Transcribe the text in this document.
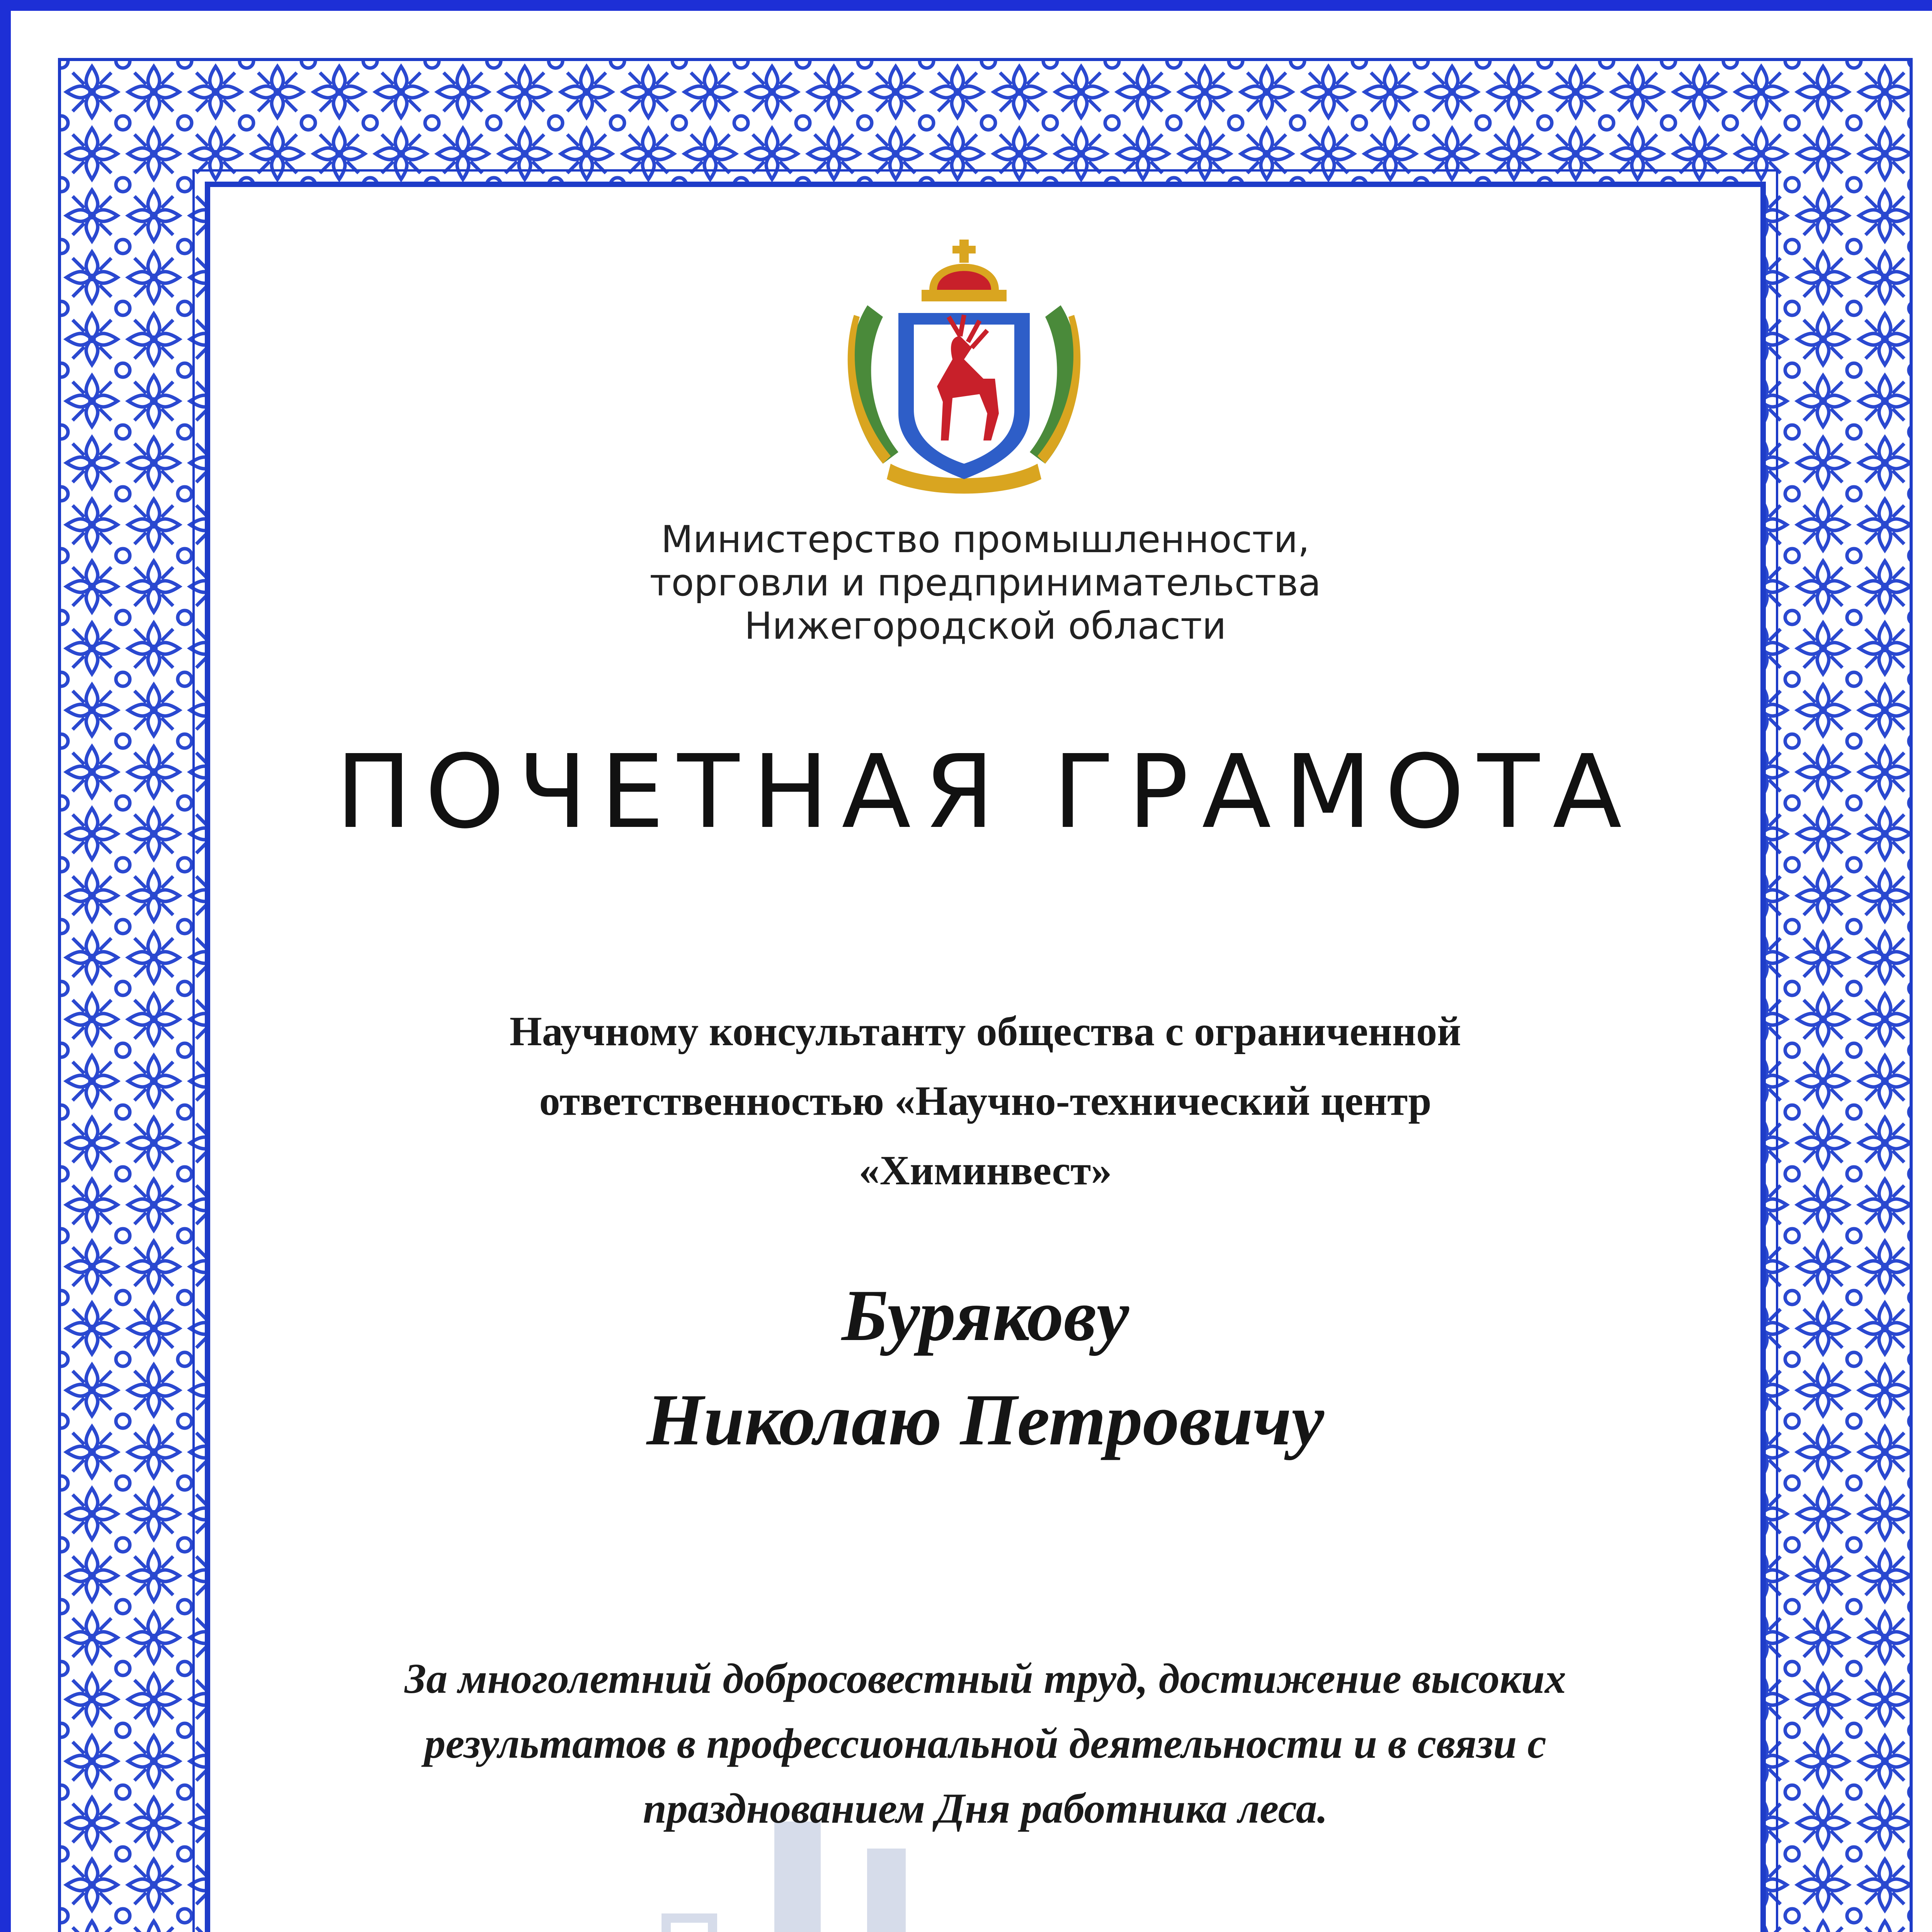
Министерство промышленности,
торговли и предпринимательства
Нижегородской области
ПОЧЕТНАЯ ГРАМОТА
Научному консультанту общества с ограниченной
ответственностью «Научно-технический центр
«Химинвест»
Бурякову
Николаю Петровичу
За многолетний добросовестный труд, достижение высоких
результатов в профессиональной деятельности и в связи с
празднованием Дня работника леса.
